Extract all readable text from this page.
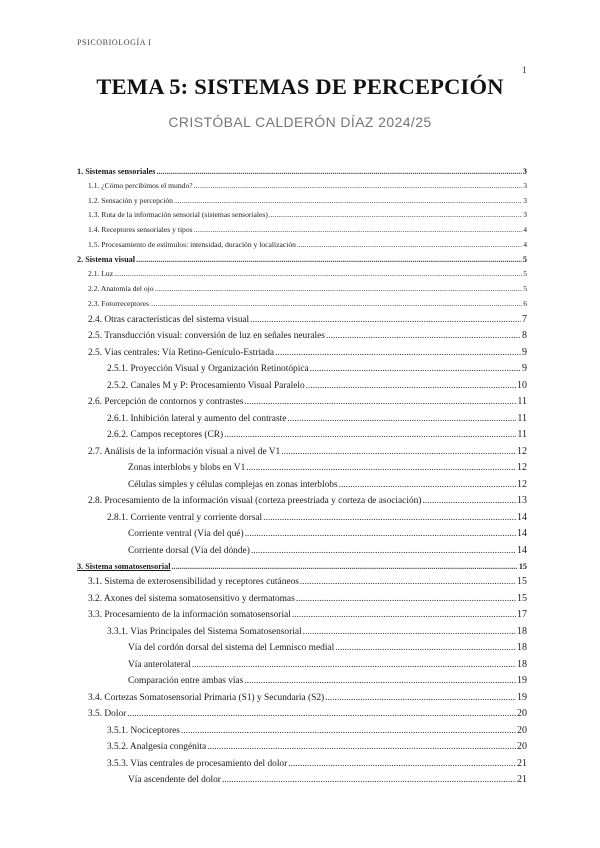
PSICOBIOLOGÍA I
1
TEMA 5: SISTEMAS DE PERCEPCIÓN
CRISTÓBAL CALDERÓN DÍAZ 2024/25
1. Sistemas sensoriales .....	3
1.1. ¿Cómo percibimos el mundo? .....	3
1.2. Sensación y percepción .....	3
1.3. Ruta de la información sensorial (sistemas sensoriales) .....	3
1.4. Receptores sensoriales y tipos .....	4
1.5. Procesamiento de estímulos: intensidad, duración y localización .....	4
2. Sistema visual .....	5
2.1. Luz .....	5
2.2. Anatomía del ojo .....	5
2.3. Fotorreceptores .....	6
2.4. Otras características del sistema visual .....	7
2.5. Transducción visual: conversión de luz en señales neurales .....	8
2.5. Vías centrales: Vía Retino-Genículo-Estriada .....	9
2.5.1. Proyección Visual y Organización Retinotópica .....	9
2.5.2. Canales M y P: Procesamiento Visual Paralelo .....	10
2.6. Percepción de contornos y contrastes .....	11
2.6.1. Inhibición lateral y aumento del contraste .....	11
2.6.2. Campos receptores (CR) .....	11
2.7. Análisis de la información visual a nivel de V1 .....	12
Zonas interblobs y blobs en V1 .....	12
Células simples y células complejas en zonas interblobs .....	12
2.8. Procesamiento de la información visual (corteza preestriada y corteza de asociación) .....	13
2.8.1. Corriente ventral y corriente dorsal .....	14
Corriente ventral (Vía del qué) .....	14
Corriente dorsal (Vía del dónde) .....	14
3. Sistema somatosensorial .....	15
3.1. Sistema de exterosensibilidad y receptores cutáneos .....	15
3.2. Axones del sistema somatosensitivo y dermatomas .....	15
3.3. Procesamiento de la información somatosensorial .....	17
3.3.1. Vías Principales del Sistema Somatosensorial .....	18
Vía del cordón dorsal del sistema del Lemnisco medial .....	18
Vía anterolateral .....	18
Comparación entre ambas vías .....	19
3.4. Cortezas Somatosensorial Primaria (S1) y Secundaria (S2) .....	19
3.5. Dolor .....	20
3.5.1. Nociceptores .....	20
3.5.2. Analgesia congénita .....	20
3.5.3. Vías centrales de procesamiento del dolor .....	21
Vía ascendente del dolor .....	21
